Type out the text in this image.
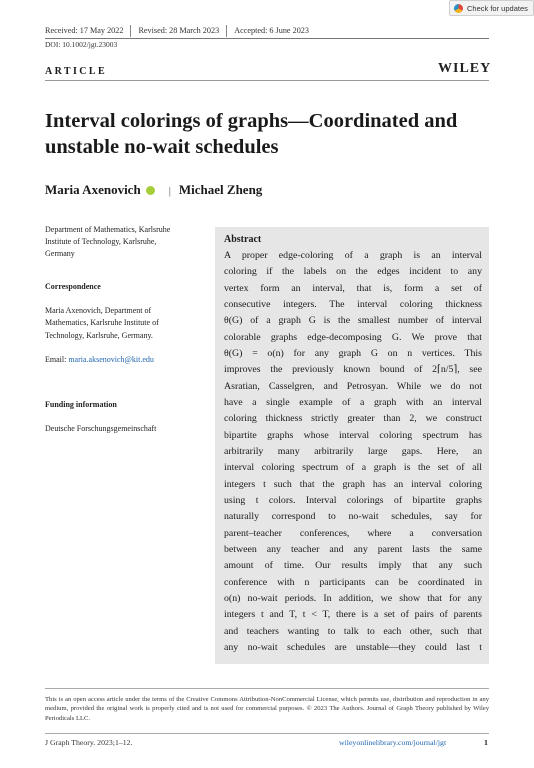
Check for updates
Received: 17 May 2022 Revised: 28 March 2023 Accepted: 6 June 2023
DOI: 10.1002/jgt.23003
ARTICLE	WILEY
Interval colorings of graphs—Coordinated and unstable no-wait schedules
Maria Axenovich	| Michael Zheng
Department of Mathematics, Karlsruhe
Institute of Technology, Karlsruhe,
Germany

Correspondence

Maria Axenovich, Department of
Mathematics, Karlsruhe Institute of
Technology, Karlsruhe, Germany.

Email: maria.aksenovich@kit.edu

Funding information

Deutsche Forschungsgemeinschaft

Abstract
A proper edge-coloring of a graph is an interval
coloring if the labels on the edges incident to any
vertex form an interval, that is, form a set of
consecutive integers. The interval coloring thickness
θ(G) of a graph G is the smallest number of interval
colorable graphs edge-decomposing G. We prove that
θ(G) = o(n) for any graph G on n vertices. This
improves the previously known bound of 2⌈n/5⌉, see
Asratian, Casselgren, and Petrosyan. While we do not
have a single example of a graph with an interval
coloring thickness strictly greater than 2, we construct
bipartite graphs whose interval coloring spectrum has
arbitrarily many arbitrarily large gaps. Here, an
interval coloring spectrum of a graph is the set of all
integers t such that the graph has an interval coloring
using t colors. Interval colorings of bipartite graphs
naturally correspond to no-wait schedules, say for
parent–teacher conferences, where a conversation
between any teacher and any parent lasts the same
amount of time. Our results imply that any such
conference with n participants can be coordinated in
o(n) no-wait periods. In addition, we show that for any
integers t and T, t < T, there is a set of pairs of parents
and teachers wanting to talk to each other, such that
any no-wait schedules are unstable—they could last t
This is an open access article under the terms of the Creative Commons Attribution-NonCommercial License, which permits use, distribution and reproduction in any medium, provided the original work is properly cited and is not used for commercial purposes. © 2023 The Authors. Journal of Graph Theory published by Wiley Periodicals LLC.
J Graph Theory. 2023;1–12.	wileyonlinelibrary.com/journal/jgt	1
